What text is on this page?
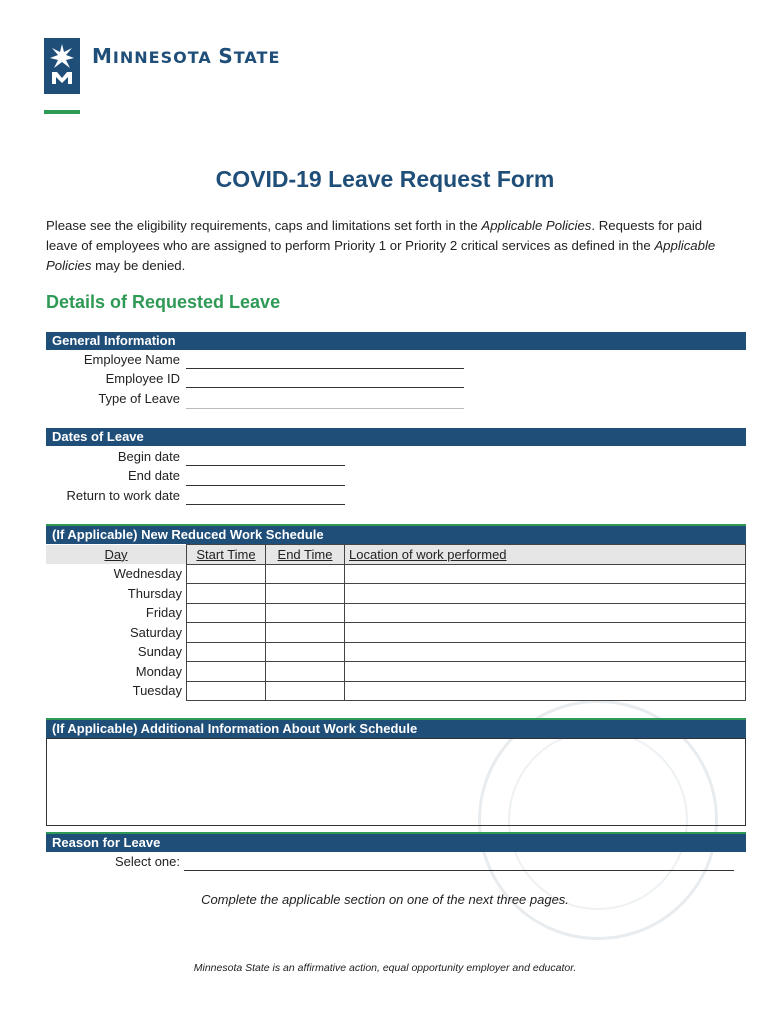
MINNESOTA STATE
COVID-19 Leave Request Form
Please see the eligibility requirements, caps and limitations set forth in the Applicable Policies. Requests for paid leave of employees who are assigned to perform Priority 1 or Priority 2 critical services as defined in the Applicable Policies may be denied.
Details of Requested Leave
General Information
Employee Name
Employee ID
Type of Leave
Dates of Leave
Begin date
End date
Return to work date
(If Applicable) New Reduced Work Schedule
Day	Start Time	End Time	Location of work performed
Wednesday			
Thursday			
Friday			
Saturday			
Sunday			
Monday			
Tuesday			
(If Applicable) Additional Information About Work Schedule
Reason for Leave
Select one:
Complete the applicable section on one of the next three pages.
Minnesota State is an affirmative action, equal opportunity employer and educator.
